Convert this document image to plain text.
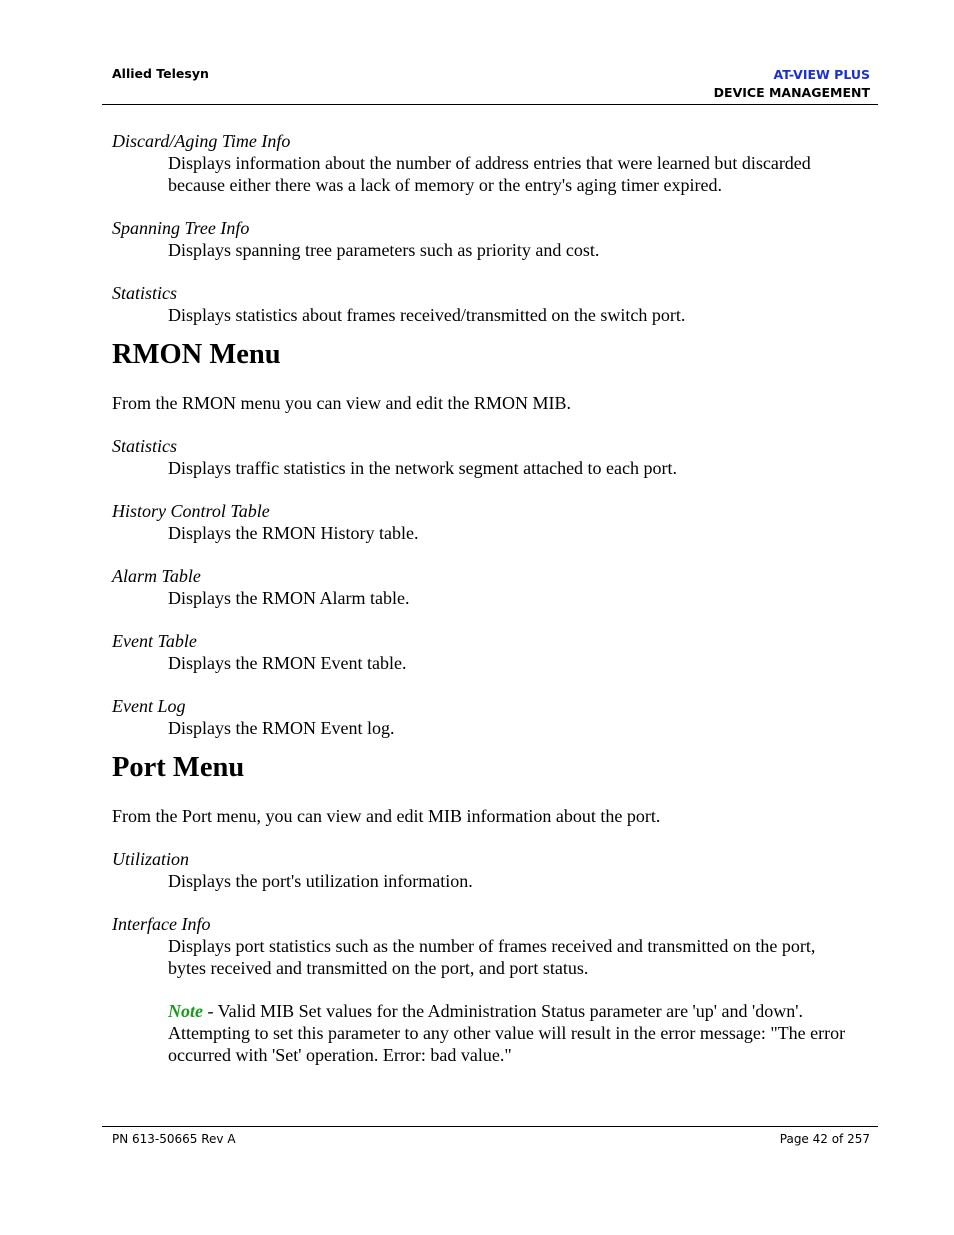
Allied Telesyn	AT-VIEW PLUS
DEVICE MANAGEMENT

Discard/Aging Time Info

Displays information about the number of address entries that were learned but discarded because either there was a lack of memory or the entry's aging timer expired.

Spanning Tree Info

Displays spanning tree parameters such as priority and cost.

Statistics

Displays statistics about frames received/transmitted on the switch port.

RMON Menu

From the RMON menu you can view and edit the RMON MIB.

Statistics

Displays traffic statistics in the network segment attached to each port.

History Control Table

Displays the RMON History table.

Alarm Table

Displays the RMON Alarm table.

Event Table

Displays the RMON Event table.

Event Log

Displays the RMON Event log.

Port Menu

From the Port menu, you can view and edit MIB information about the port.

Utilization

Displays the port's utilization information.

Interface Info

Displays port statistics such as the number of frames received and transmitted on the port, bytes received and transmitted on the port, and port status.

Note - Valid MIB Set values for the Administration Status parameter are 'up' and 'down'. Attempting to set this parameter to any other value will result in the error message: "The error occurred with 'Set' operation. Error: bad value."

PN 613-50665 Rev A	Page 42 of 257
